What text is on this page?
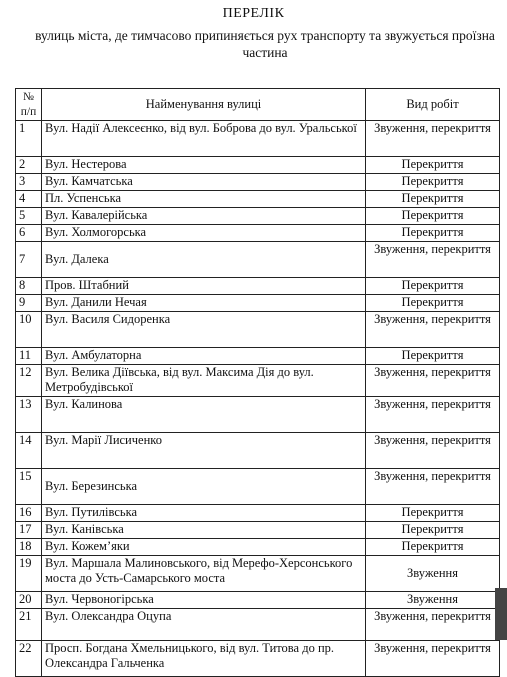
ПЕРЕЛІК
вулиць міста, де тимчасово припиняється рух транспорту та звужується проїзна частина
№ п/п	Найменування вулиці	Вид робіт
1	Вул. Надії Алексеєнко, від вул. Боброва до вул. Уральської	Звуження, перекриття
2	Вул. Нестерова	Перекриття
3	Вул. Камчатська	Перекриття
4	Пл. Успенська	Перекриття
5	Вул. Кавалерійська	Перекриття
6	Вул. Холмогорська	Перекриття
7	Вул. Далека	Звуження, перекриття
8	Пров. Штабний	Перекриття
9	Вул. Данили Нечая	Перекриття
10	Вул. Василя Сидоренка	Звуження, перекриття
11	Вул. Амбулаторна	Перекриття
12	Вул. Велика Діївська, від вул. Максима Дія до вул. Метробудівської	Звуження, перекриття
13	Вул. Калинова	Звуження, перекриття
14	Вул. Марії Лисиченко	Звуження, перекриття
15	Вул. Березинська	Звуження, перекриття
16	Вул. Путилівська	Перекриття
17	Вул. Канівська	Перекриття
18	Вул. Кожем’яки	Перекриття
19	Вул. Маршала Малиновського, від Мерефо-Херсонського моста до Усть-Самарського моста	Звуження
20	Вул. Червоногірська	Звуження
21	Вул. Олександра Оцупа	Звуження, перекриття
22	Просп. Богдана Хмельницького, від вул. Титова до пр. Олександра Гальченка	Звуження, перекриття
